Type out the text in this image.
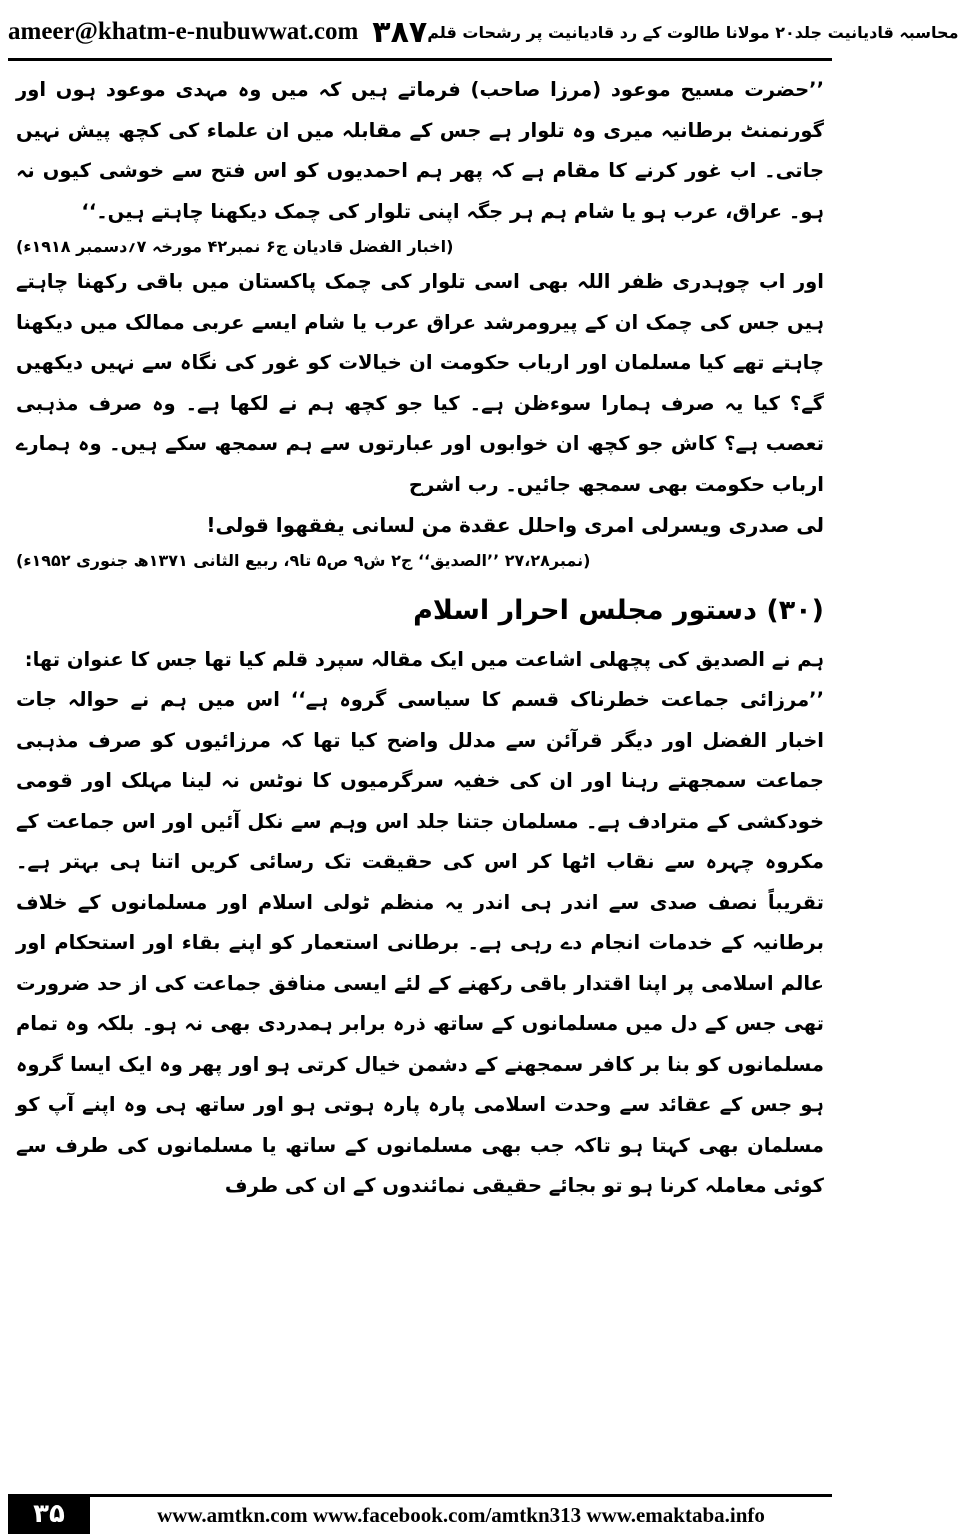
ameer@khatm-e-nubuwwat.com ۳۸۷ محاسبہ قادیانیت جلد۲۰ مولانا طالوت کے رد قادیانیت پر رشحات قلم

’’حضرت مسیح موعود (مرزا صاحب) فرماتے ہیں کہ میں وہ مہدی موعود ہوں اور گورنمنٹ برطانیہ میری وہ تلوار ہے جس کے مقابلہ میں ان علماء کی کچھ پیش نہیں جاتی۔ اب غور کرنے کا مقام ہے کہ پھر ہم احمدیوں کو اس فتح سے خوشی کیوں نہ ہو۔ عراق، عرب ہو یا شام ہم ہر جگہ اپنی تلوار کی چمک دیکھنا چاہتے ہیں۔‘‘

(اخبار الفضل قادیان ج۶ نمبر۴۲ مورخہ ۷؍دسمبر ۱۹۱۸ء)

اور اب چوہدری ظفر اللہ بھی اسی تلوار کی چمک پاکستان میں باقی رکھنا چاہتے ہیں جس کی چمک ان کے پیرومرشد عراق عرب یا شام ایسے عربی ممالک میں دیکھنا چاہتے تھے کیا مسلمان اور ارباب حکومت ان خیالات کو غور کی نگاہ سے نہیں دیکھیں گے؟ کیا یہ صرف ہمارا سوءظن ہے۔ کیا جو کچھ ہم نے لکھا ہے۔ وہ صرف مذہبی تعصب ہے؟ کاش جو کچھ ان خوابوں اور عبارتوں سے ہم سمجھ سکے ہیں۔ وہ ہمارے ارباب حکومت بھی سمجھ جائیں۔ رب اشرح

لی صدری ویسرلی امری واحلل عقدة من لسانی یفقهوا قولی!

(نمبر۲۷،۲۸ ’’الصدیق‘‘ ج۲ ش۹ ص۵ تا۹، ربیع الثانی ۱۳۷۱ھ جنوری ۱۹۵۲ء)

(۳۰) دستور مجلس احرار اسلام

ہم نے الصدیق کی پچھلی اشاعت میں ایک مقالہ سپرد قلم کیا تھا جس کا عنوان تھا:

’’مرزائی جماعت خطرناک قسم کا سیاسی گروہ ہے‘‘ اس میں ہم نے حوالہ جات اخبار الفضل اور دیگر قرآئن سے مدلل واضح کیا تھا کہ مرزائیوں کو صرف مذہبی جماعت سمجھتے رہنا اور ان کی خفیہ سرگرمیوں کا نوٹس نہ لینا مہلک اور قومی خودکشی کے مترادف ہے۔ مسلمان جتنا جلد اس وہم سے نکل آئیں اور اس جماعت کے مکروہ چہرہ سے نقاب اٹھا کر اس کی حقیقت تک رسائی کریں اتنا ہی بہتر ہے۔ تقریباً نصف صدی سے اندر ہی اندر یہ منظم ٹولی اسلام اور مسلمانوں کے خلاف برطانیہ کے خدمات انجام دے رہی ہے۔ برطانی استعمار کو اپنے بقاء اور استحکام اور عالم اسلامی پر اپنا اقتدار باقی رکھنے کے لئے ایسی منافق جماعت کی از حد ضرورت تھی جس کے دل میں مسلمانوں کے ساتھ ذرہ برابر ہمدردی بھی نہ ہو۔ بلکہ وہ تمام مسلمانوں کو بنا بر کافر سمجھنے کے دشمن خیال کرتی ہو اور پھر وہ ایک ایسا گروہ ہو جس کے عقائد سے وحدت اسلامی پارہ پارہ ہوتی ہو اور ساتھ ہی وہ اپنے آپ کو مسلمان بھی کہتا ہو تاکہ جب بھی مسلمانوں کے ساتھ یا مسلمانوں کی طرف سے کوئی معاملہ کرنا ہو تو بجائے حقیقی نمائندوں کے ان کی طرف

۳۵	www.amtkn.com www.facebook.com/amtkn313 www.emaktaba.info
